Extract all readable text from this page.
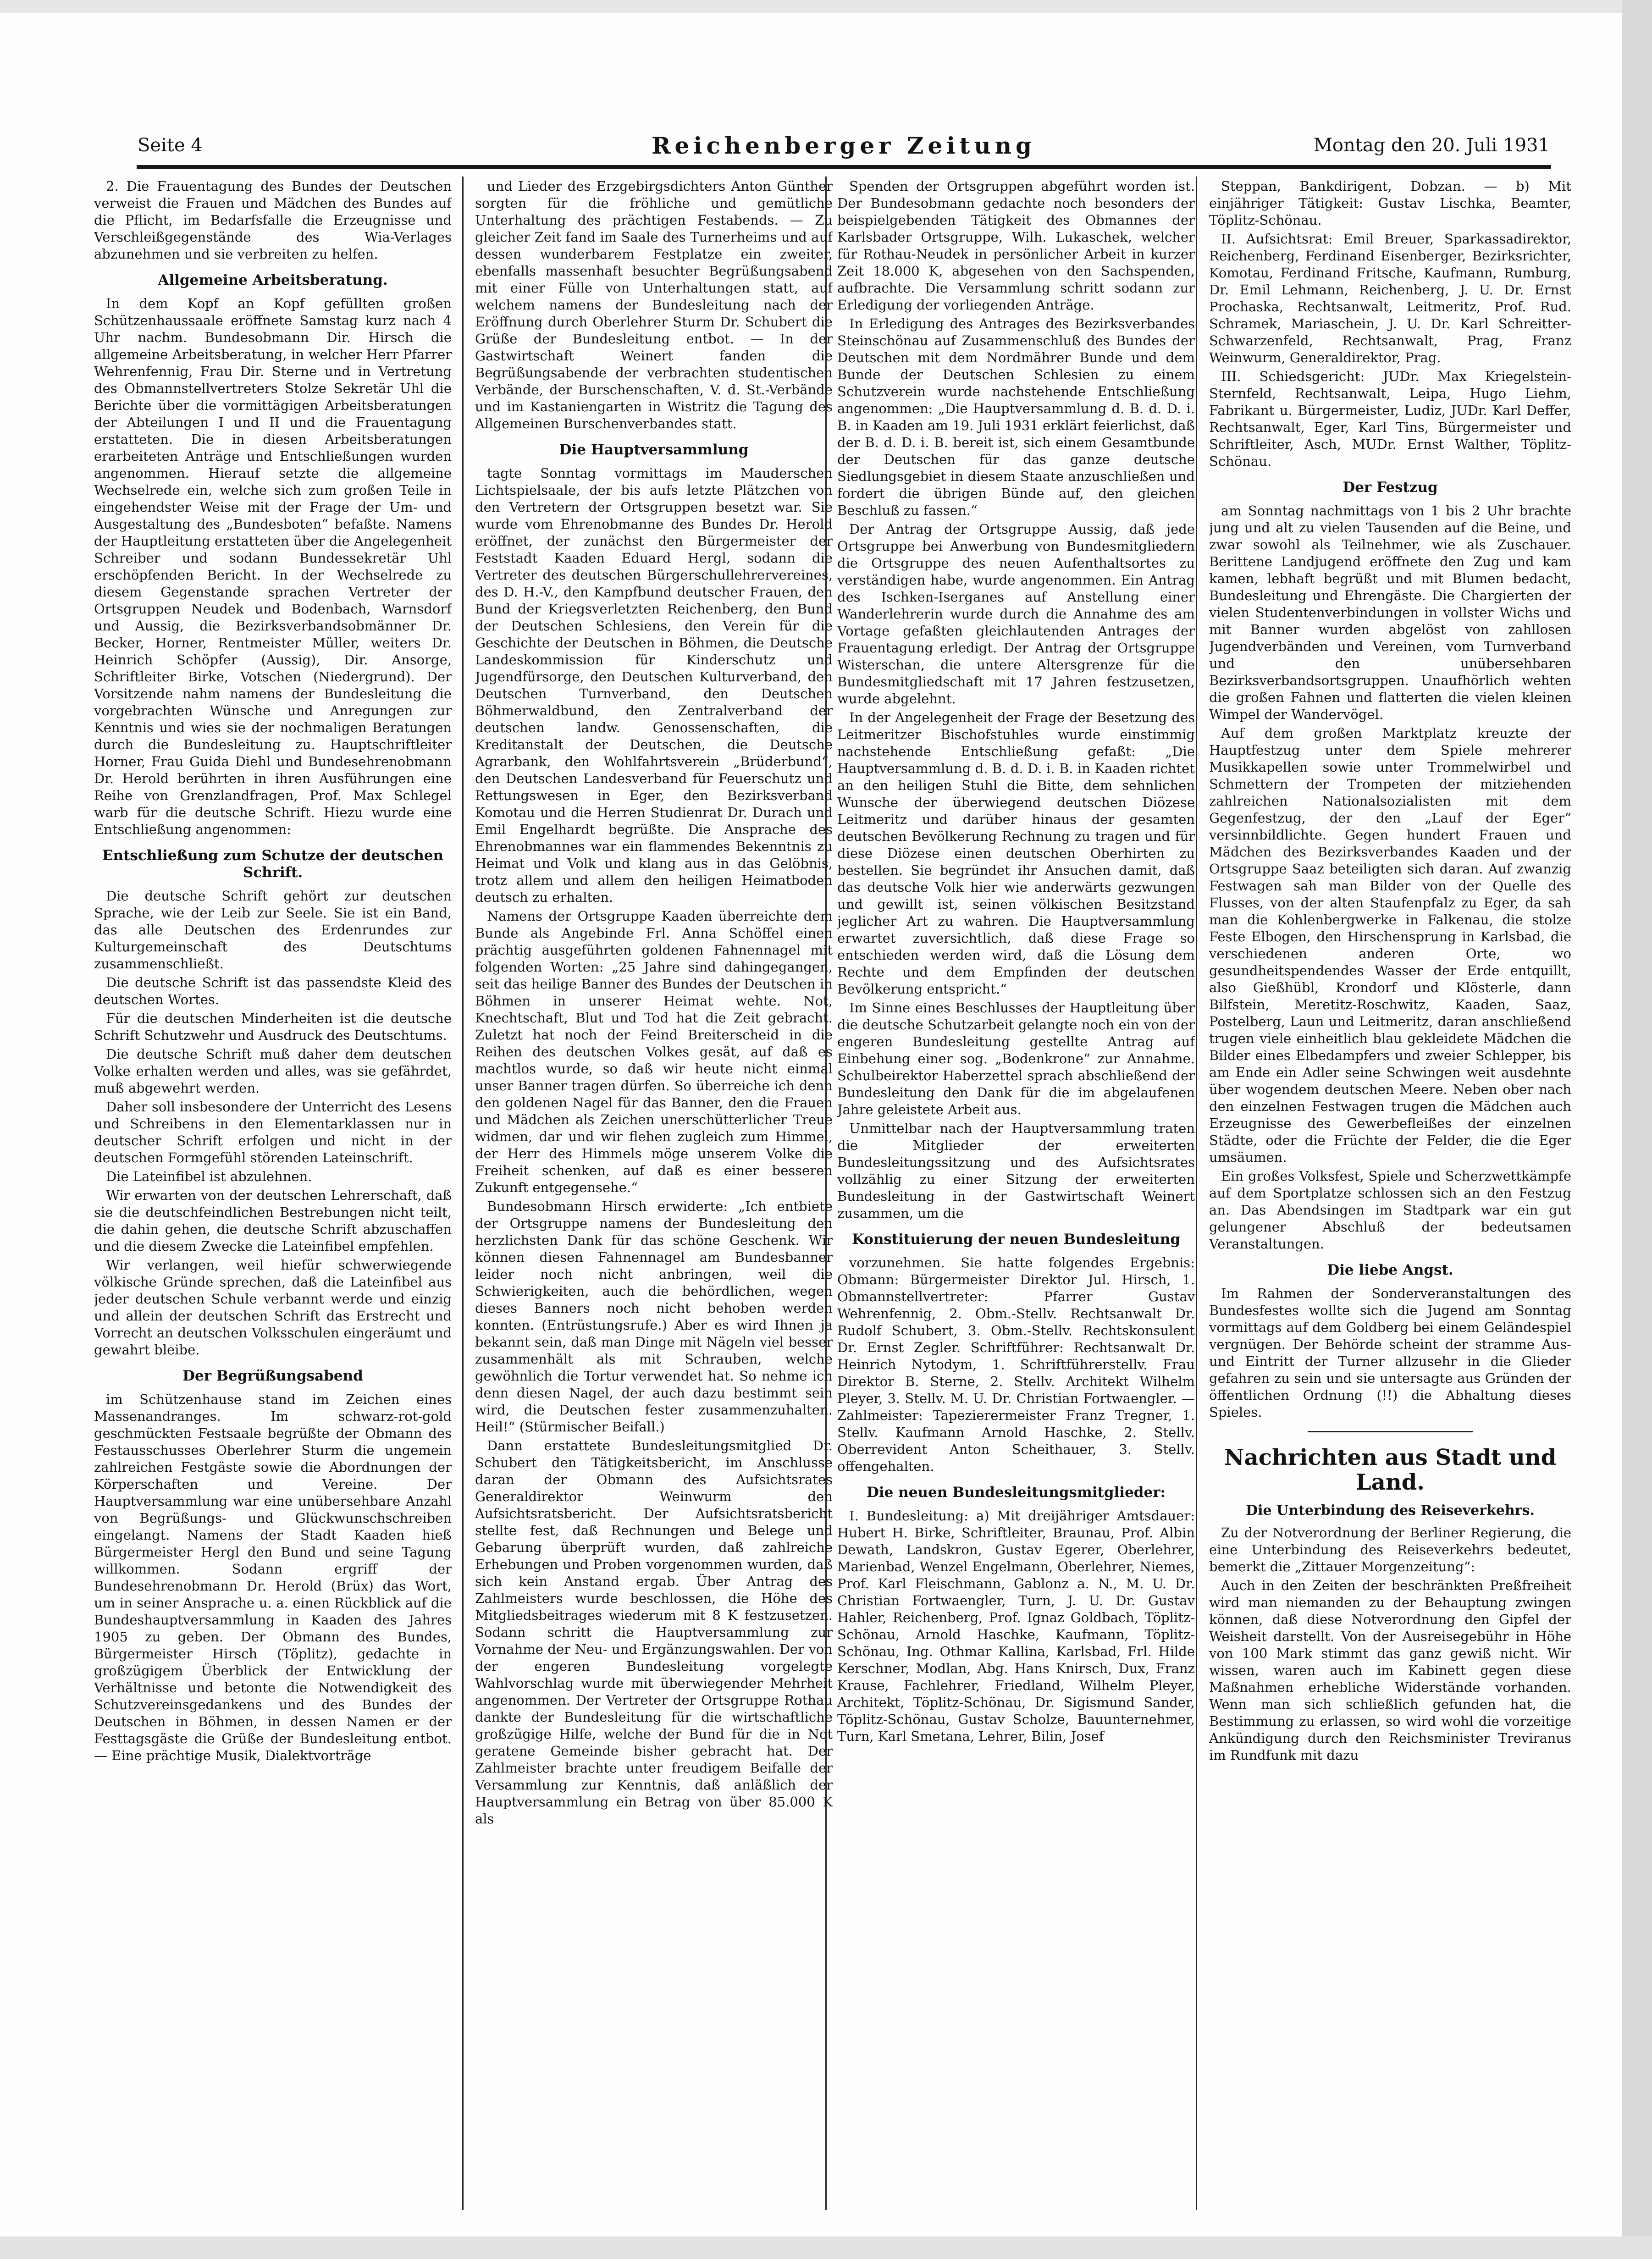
Seite 4	Reichenberger Zeitung	Montag den 20. Juli 1931

2. Die Frauentagung des Bundes der Deutschen verweist die Frauen und Mädchen des Bundes auf die Pflicht, im Bedarfsfalle die Erzeugnisse und Verschleißgegenstände des Wia-Verlages abzunehmen und sie verbreiten zu helfen.

Allgemeine Arbeitsberatung.

In dem Kopf an Kopf gefüllten großen Schützenhaussaale eröffnete Samstag kurz nach 4 Uhr nachm. Bundesobmann Dir. Hirsch die allgemeine Arbeitsberatung, in welcher Herr Pfarrer Wehrenfennig, Frau Dir. Sterne und in Vertretung des Obmannstellvertreters Stolze Sekretär Uhl die Berichte über die vormittägigen Arbeitsberatungen der Abteilungen I und II und die Frauentagung erstatteten. Die in diesen Arbeitsberatungen erarbeiteten Anträge und Entschließungen wurden angenommen. Hierauf setzte die allgemeine Wechselrede ein, welche sich zum großen Teile in eingehendster Weise mit der Frage der Um- und Ausgestaltung des „Bundesboten“ befaßte. Namens der Hauptleitung erstatteten über die Angelegenheit Schreiber und sodann Bundessekretär Uhl erschöpfenden Bericht. In der Wechselrede zu diesem Gegenstande sprachen Vertreter der Ortsgruppen Neudek und Bodenbach, Warnsdorf und Aussig, die Bezirksverbandsobmänner Dr. Becker, Horner, Rentmeister Müller, weiters Dr. Heinrich Schöpfer (Aussig), Dir. Ansorge, Schriftleiter Birke, Votschen (Niedergrund). Der Vorsitzende nahm namens der Bundesleitung die vorgebrachten Wünsche und Anregungen zur Kenntnis und wies sie der nochmaligen Beratungen durch die Bundesleitung zu. Hauptschriftleiter Horner, Frau Guida Diehl und Bundesehrenobmann Dr. Herold berührten in ihren Ausführungen eine Reihe von Grenzlandfragen, Prof. Max Schlegel warb für die deutsche Schrift. Hiezu wurde eine Entschließung angenommen:

Entschließung zum Schutze der deutschen Schrift.

Die deutsche Schrift gehört zur deutschen Sprache, wie der Leib zur Seele. Sie ist ein Band, das alle Deutschen des Erdenrundes zur Kulturgemeinschaft des Deutschtums zusammenschließt.

Die deutsche Schrift ist das passendste Kleid des deutschen Wortes.

Für die deutschen Minderheiten ist die deutsche Schrift Schutzwehr und Ausdruck des Deutschtums.

Die deutsche Schrift muß daher dem deutschen Volke erhalten werden und alles, was sie gefährdet, muß abgewehrt werden.

Daher soll insbesondere der Unterricht des Lesens und Schreibens in den Elementarklassen nur in deutscher Schrift erfolgen und nicht in der deutschen Formgefühl störenden Lateinschrift.

Die Lateinfibel ist abzulehnen.

Wir erwarten von der deutschen Lehrerschaft, daß sie die deutschfeindlichen Bestrebungen nicht teilt, die dahin gehen, die deutsche Schrift abzuschaffen und die diesem Zwecke die Lateinfibel empfehlen.

Wir verlangen, weil hiefür schwerwiegende völkische Gründe sprechen, daß die Lateinfibel aus jeder deutschen Schule verbannt werde und einzig und allein der deutschen Schrift das Erstrecht und Vorrecht an deutschen Volksschulen eingeräumt und gewahrt bleibe.

Der Begrüßungsabend

im Schützenhause stand im Zeichen eines Massenandranges. Im schwarz-rot-gold geschmückten Festsaale begrüßte der Obmann des Festausschusses Oberlehrer Sturm die ungemein zahlreichen Festgäste sowie die Abordnungen der Körperschaften und Vereine. Der Hauptversammlung war eine unübersehbare Anzahl von Begrüßungs- und Glückwunschschreiben eingelangt. Namens der Stadt Kaaden hieß Bürgermeister Hergl den Bund und seine Tagung willkommen. Sodann ergriff der Bundesehrenobmann Dr. Herold (Brüx) das Wort, um in seiner Ansprache u. a. einen Rückblick auf die Bundeshauptversammlung in Kaaden des Jahres 1905 zu geben. Der Obmann des Bundes, Bürgermeister Hirsch (Töplitz), gedachte in großzügigem Überblick der Entwicklung der Verhältnisse und betonte die Notwendigkeit des Schutzvereinsgedankens und des Bundes der Deutschen in Böhmen, in dessen Namen er der Festtagsgäste die Grüße der Bundesleitung entbot. — Eine prächtige Musik, Dialektvorträge

und Lieder des Erzgebirgsdichters Anton Günther sorgten für die fröhliche und gemütliche Unterhaltung des prächtigen Festabends. — Zu gleicher Zeit fand im Saale des Turnerheims und auf dessen wunderbarem Festplatze ein zweiter, ebenfalls massenhaft besuchter Begrüßungsabend mit einer Fülle von Unterhaltungen statt, auf welchem namens der Bundesleitung nach der Eröffnung durch Oberlehrer Sturm Dr. Schubert die Grüße der Bundesleitung entbot. — In der Gastwirtschaft Weinert fanden die Begrüßungsabende der verbrachten studentischen Verbände, der Burschenschaften, V. d. St.-Verbände und im Kastaniengarten in Wistritz die Tagung des Allgemeinen Burschenverbandes statt.

Die Hauptversammlung

tagte Sonntag vormittags im Mauderschen Lichtspielsaale, der bis aufs letzte Plätzchen von den Vertretern der Ortsgruppen besetzt war. Sie wurde vom Ehrenobmanne des Bundes Dr. Herold eröffnet, der zunächst den Bürgermeister der Feststadt Kaaden Eduard Hergl, sodann die Vertreter des deutschen Bürgerschullehrervereines, des D. H.-V., den Kampfbund deutscher Frauen, den Bund der Kriegsverletzten Reichenberg, den Bund der Deutschen Schlesiens, den Verein für die Geschichte der Deutschen in Böhmen, die Deutsche Landeskommission für Kinderschutz und Jugendfürsorge, den Deutschen Kulturverband, den Deutschen Turnverband, den Deutschen Böhmerwaldbund, den Zentralverband der deutschen landw. Genossenschaften, die Kreditanstalt der Deutschen, die Deutsche Agrarbank, den Wohlfahrtsverein „Brüderbund“, den Deutschen Landesverband für Feuerschutz und Rettungswesen in Eger, den Bezirksverband Komotau und die Herren Studienrat Dr. Durach und Emil Engelhardt begrüßte. Die Ansprache des Ehrenobmannes war ein flammendes Bekenntnis zu Heimat und Volk und klang aus in das Gelöbnis, trotz allem und allem den heiligen Heimatboden deutsch zu erhalten.

Namens der Ortsgruppe Kaaden überreichte dem Bunde als Angebinde Frl. Anna Schöffel einen prächtig ausgeführten goldenen Fahnennagel mit folgenden Worten: „25 Jahre sind dahingegangen, seit das heilige Banner des Bundes der Deutschen in Böhmen in unserer Heimat wehte. Not, Knechtschaft, Blut und Tod hat die Zeit gebracht. Zuletzt hat noch der Feind Breiterscheid in die Reihen des deutschen Volkes gesät, auf daß es machtlos wurde, so daß wir heute nicht einmal unser Banner tragen dürfen. So überreiche ich denn den goldenen Nagel für das Banner, den die Frauen und Mädchen als Zeichen unerschütterlicher Treue widmen, dar und wir flehen zugleich zum Himmel, der Herr des Himmels möge unserem Volke die Freiheit schenken, auf daß es einer besseren Zukunft entgegensehe.“

Bundesobmann Hirsch erwiderte: „Ich entbiete der Ortsgruppe namens der Bundesleitung den herzlichsten Dank für das schöne Geschenk. Wir können diesen Fahnennagel am Bundesbanner leider noch nicht anbringen, weil die Schwierigkeiten, auch die behördlichen, wegen dieses Banners noch nicht behoben werden konnten. (Entrüstungsrufe.) Aber es wird Ihnen ja bekannt sein, daß man Dinge mit Nägeln viel besser zusammenhält als mit Schrauben, welche gewöhnlich die Tortur verwendet hat. So nehme ich denn diesen Nagel, der auch dazu bestimmt sein wird, die Deutschen fester zusammenzuhalten. Heil!“ (Stürmischer Beifall.)

Dann erstattete Bundesleitungsmitglied Dr. Schubert den Tätigkeitsbericht, im Anschlusse daran der Obmann des Aufsichtsrates Generaldirektor Weinwurm den Aufsichtsratsbericht. Der Aufsichtsratsbericht stellte fest, daß Rechnungen und Belege und Gebarung überprüft wurden, daß zahlreiche Erhebungen und Proben vorgenommen wurden, daß sich kein Anstand ergab. Über Antrag des Zahlmeisters wurde beschlossen, die Höhe des Mitgliedsbeitrages wiederum mit 8 K festzusetzen. Sodann schritt die Hauptversammlung zur Vornahme der Neu- und Ergänzungswahlen. Der von der engeren Bundesleitung vorgelegte Wahlvorschlag wurde mit überwiegender Mehrheit angenommen. Der Vertreter der Ortsgruppe Rothau dankte der Bundesleitung für die wirtschaftliche großzügige Hilfe, welche der Bund für die in Not geratene Gemeinde bisher gebracht hat. Der Zahlmeister brachte unter freudigem Beifalle der Versammlung zur Kenntnis, daß anläßlich der Hauptversammlung ein Betrag von über 85.000 K als

Spenden der Ortsgruppen abgeführt worden ist. Der Bundesobmann gedachte noch besonders der beispielgebenden Tätigkeit des Obmannes der Karlsbader Ortsgruppe, Wilh. Lukaschek, welcher für Rothau-Neudek in persönlicher Arbeit in kurzer Zeit 18.000 K, abgesehen von den Sachspenden, aufbrachte. Die Versammlung schritt sodann zur Erledigung der vorliegenden Anträge.

In Erledigung des Antrages des Bezirksverbandes Steinschönau auf Zusammenschluß des Bundes der Deutschen mit dem Nordmährer Bunde und dem Bunde der Deutschen Schlesien zu einem Schutzverein wurde nachstehende Entschließung angenommen: „Die Hauptversammlung d. B. d. D. i. B. in Kaaden am 19. Juli 1931 erklärt feierlichst, daß der B. d. D. i. B. bereit ist, sich einem Gesamtbunde der Deutschen für das ganze deutsche Siedlungsgebiet in diesem Staate anzuschließen und fordert die übrigen Bünde auf, den gleichen Beschluß zu fassen.“

Der Antrag der Ortsgruppe Aussig, daß jede Ortsgruppe bei Anwerbung von Bundesmitgliedern die Ortsgruppe des neuen Aufenthaltsortes zu verständigen habe, wurde angenommen. Ein Antrag des Ischken-Iserganes auf Anstellung einer Wanderlehrerin wurde durch die Annahme des am Vortage gefaßten gleichlautenden Antrages der Frauentagung erledigt. Der Antrag der Ortsgruppe Wisterschan, die untere Altersgrenze für die Bundesmitgliedschaft mit 17 Jahren festzusetzen, wurde abgelehnt.

In der Angelegenheit der Frage der Besetzung des Leitmeritzer Bischofstuhles wurde einstimmig nachstehende Entschließung gefaßt: „Die Hauptversammlung d. B. d. D. i. B. in Kaaden richtet an den heiligen Stuhl die Bitte, dem sehnlichen Wunsche der überwiegend deutschen Diözese Leitmeritz und darüber hinaus der gesamten deutschen Bevölkerung Rechnung zu tragen und für diese Diözese einen deutschen Oberhirten zu bestellen. Sie begründet ihr Ansuchen damit, daß das deutsche Volk hier wie anderwärts gezwungen und gewillt ist, seinen völkischen Besitzstand jeglicher Art zu wahren. Die Hauptversammlung erwartet zuversichtlich, daß diese Frage so entschieden werden wird, daß die Lösung dem Rechte und dem Empfinden der deutschen Bevölkerung entspricht.“

Im Sinne eines Beschlusses der Hauptleitung über die deutsche Schutzarbeit gelangte noch ein von der engeren Bundesleitung gestellte Antrag auf Einbehung einer sog. „Bodenkrone“ zur Annahme. Schulbeirektor Haberzettel sprach abschließend der Bundesleitung den Dank für die im abgelaufenen Jahre geleistete Arbeit aus.

Unmittelbar nach der Hauptversammlung traten die Mitglieder der erweiterten Bundesleitungssitzung und des Aufsichtsrates vollzählig zu einer Sitzung der erweiterten Bundesleitung in der Gastwirtschaft Weinert zusammen, um die

Konstituierung der neuen Bundesleitung

vorzunehmen. Sie hatte folgendes Ergebnis: Obmann: Bürgermeister Direktor Jul. Hirsch, 1. Obmannstellvertreter: Pfarrer Gustav Wehrenfennig, 2. Obm.-Stellv. Rechtsanwalt Dr. Rudolf Schubert, 3. Obm.-Stellv. Rechtskonsulent Dr. Ernst Zegler. Schriftführer: Rechtsanwalt Dr. Heinrich Nytodym, 1. Schriftführerstellv. Frau Direktor B. Sterne, 2. Stellv. Architekt Wilhelm Pleyer, 3. Stellv. M. U. Dr. Christian Fortwaengler. — Zahlmeister: Tapezierermeister Franz Tregner, 1. Stellv. Kaufmann Arnold Haschke, 2. Stellv. Oberrevident Anton Scheithauer, 3. Stellv. offengehalten.

Die neuen Bundesleitungsmitglieder:

I. Bundesleitung: a) Mit dreijähriger Amtsdauer: Hubert H. Birke, Schriftleiter, Braunau, Prof. Albin Dewath, Landskron, Gustav Egerer, Oberlehrer, Marienbad, Wenzel Engelmann, Oberlehrer, Niemes, Prof. Karl Fleischmann, Gablonz a. N., M. U. Dr. Christian Fortwaengler, Turn, J. U. Dr. Gustav Hahler, Reichenberg, Prof. Ignaz Goldbach, Töplitz-Schönau, Arnold Haschke, Kaufmann, Töplitz-Schönau, Ing. Othmar Kallina, Karlsbad, Frl. Hilde Kerschner, Modlan, Abg. Hans Knirsch, Dux, Franz Krause, Fachlehrer, Friedland, Wilhelm Pleyer, Architekt, Töplitz-Schönau, Dr. Sigismund Sander, Töplitz-Schönau, Gustav Scholze, Bauunternehmer, Turn, Karl Smetana, Lehrer, Bilin, Josef

Steppan, Bankdirigent, Dobzan. — b) Mit einjähriger Tätigkeit: Gustav Lischka, Beamter, Töplitz-Schönau.

II. Aufsichtsrat: Emil Breuer, Sparkassadirektor, Reichenberg, Ferdinand Eisenberger, Bezirksrichter, Komotau, Ferdinand Fritsche, Kaufmann, Rumburg, Dr. Emil Lehmann, Reichenberg, J. U. Dr. Ernst Prochaska, Rechtsanwalt, Leitmeritz, Prof. Rud. Schramek, Mariaschein, J. U. Dr. Karl Schreitter-Schwarzenfeld, Rechtsanwalt, Prag, Franz Weinwurm, Generaldirektor, Prag.

III. Schiedsgericht: JUDr. Max Kriegelstein-Sternfeld, Rechtsanwalt, Leipa, Hugo Liehm, Fabrikant u. Bürgermeister, Ludiz, JUDr. Karl Deffer, Rechtsanwalt, Eger, Karl Tins, Bürgermeister und Schriftleiter, Asch, MUDr. Ernst Walther, Töplitz-Schönau.

Der Festzug

am Sonntag nachmittags von 1 bis 2 Uhr brachte jung und alt zu vielen Tausenden auf die Beine, und zwar sowohl als Teilnehmer, wie als Zuschauer. Berittene Landjugend eröffnete den Zug und kam kamen, lebhaft begrüßt und mit Blumen bedacht, Bundesleitung und Ehrengäste. Die Chargierten der vielen Studentenverbindungen in vollster Wichs und mit Banner wurden abgelöst von zahllosen Jugendverbänden und Vereinen, vom Turnverband und den unübersehbaren Bezirksverbandsortsgruppen. Unaufhörlich wehten die großen Fahnen und flatterten die vielen kleinen Wimpel der Wandervögel.

Auf dem großen Marktplatz kreuzte der Hauptfestzug unter dem Spiele mehrerer Musikkapellen sowie unter Trommelwirbel und Schmettern der Trompeten der mitziehenden zahlreichen Nationalsozialisten mit dem Gegenfestzug, der den „Lauf der Eger“ versinnbildlichte. Gegen hundert Frauen und Mädchen des Bezirksverbandes Kaaden und der Ortsgruppe Saaz beteiligten sich daran. Auf zwanzig Festwagen sah man Bilder von der Quelle des Flusses, von der alten Staufenpfalz zu Eger, da sah man die Kohlenbergwerke in Falkenau, die stolze Feste Elbogen, den Hirschensprung in Karlsbad, die verschiedenen anderen Orte, wo gesundheitspendendes Wasser der Erde entquillt, also Gießhübl, Krondorf und Klösterle, dann Bilfstein, Meretitz-Roschwitz, Kaaden, Saaz, Postelberg, Laun und Leitmeritz, daran anschließend trugen viele einheitlich blau gekleidete Mädchen die Bilder eines Elbedampfers und zweier Schlepper, bis am Ende ein Adler seine Schwingen weit ausdehnte über wogendem deutschen Meere. Neben ober nach den einzelnen Festwagen trugen die Mädchen auch Erzeugnisse des Gewerbefleißes der einzelnen Städte, oder die Früchte der Felder, die die Eger umsäumen.

Ein großes Volksfest, Spiele und Scherzwettkämpfe auf dem Sportplatze schlossen sich an den Festzug an. Das Abendsingen im Stadtpark war ein gut gelungener Abschluß der bedeutsamen Veranstaltungen.

Die liebe Angst.

Im Rahmen der Sonderveranstaltungen des Bundesfestes wollte sich die Jugend am Sonntag vormittags auf dem Goldberg bei einem Geländespiel vergnügen. Der Behörde scheint der stramme Aus- und Eintritt der Turner allzusehr in die Glieder gefahren zu sein und sie untersagte aus Gründen der öffentlichen Ordnung (!!) die Abhaltung dieses Spieles.

Nachrichten aus Stadt und Land.
Die Unterbindung des Reiseverkehrs.

Zu der Notverordnung der Berliner Regierung, die eine Unterbindung des Reiseverkehrs bedeutet, bemerkt die „Zittauer Morgenzeitung“:

Auch in den Zeiten der beschränkten Preßfreiheit wird man niemanden zu der Behauptung zwingen können, daß diese Notverordnung den Gipfel der Weisheit darstellt. Von der Ausreisegebühr in Höhe von 100 Mark stimmt das ganz gewiß nicht. Wir wissen, waren auch im Kabinett gegen diese Maßnahmen erhebliche Widerstände vorhanden. Wenn man sich schließlich gefunden hat, die Bestimmung zu erlassen, so wird wohl die vorzeitige Ankündigung durch den Reichsminister Treviranus im Rundfunk mit dazu
